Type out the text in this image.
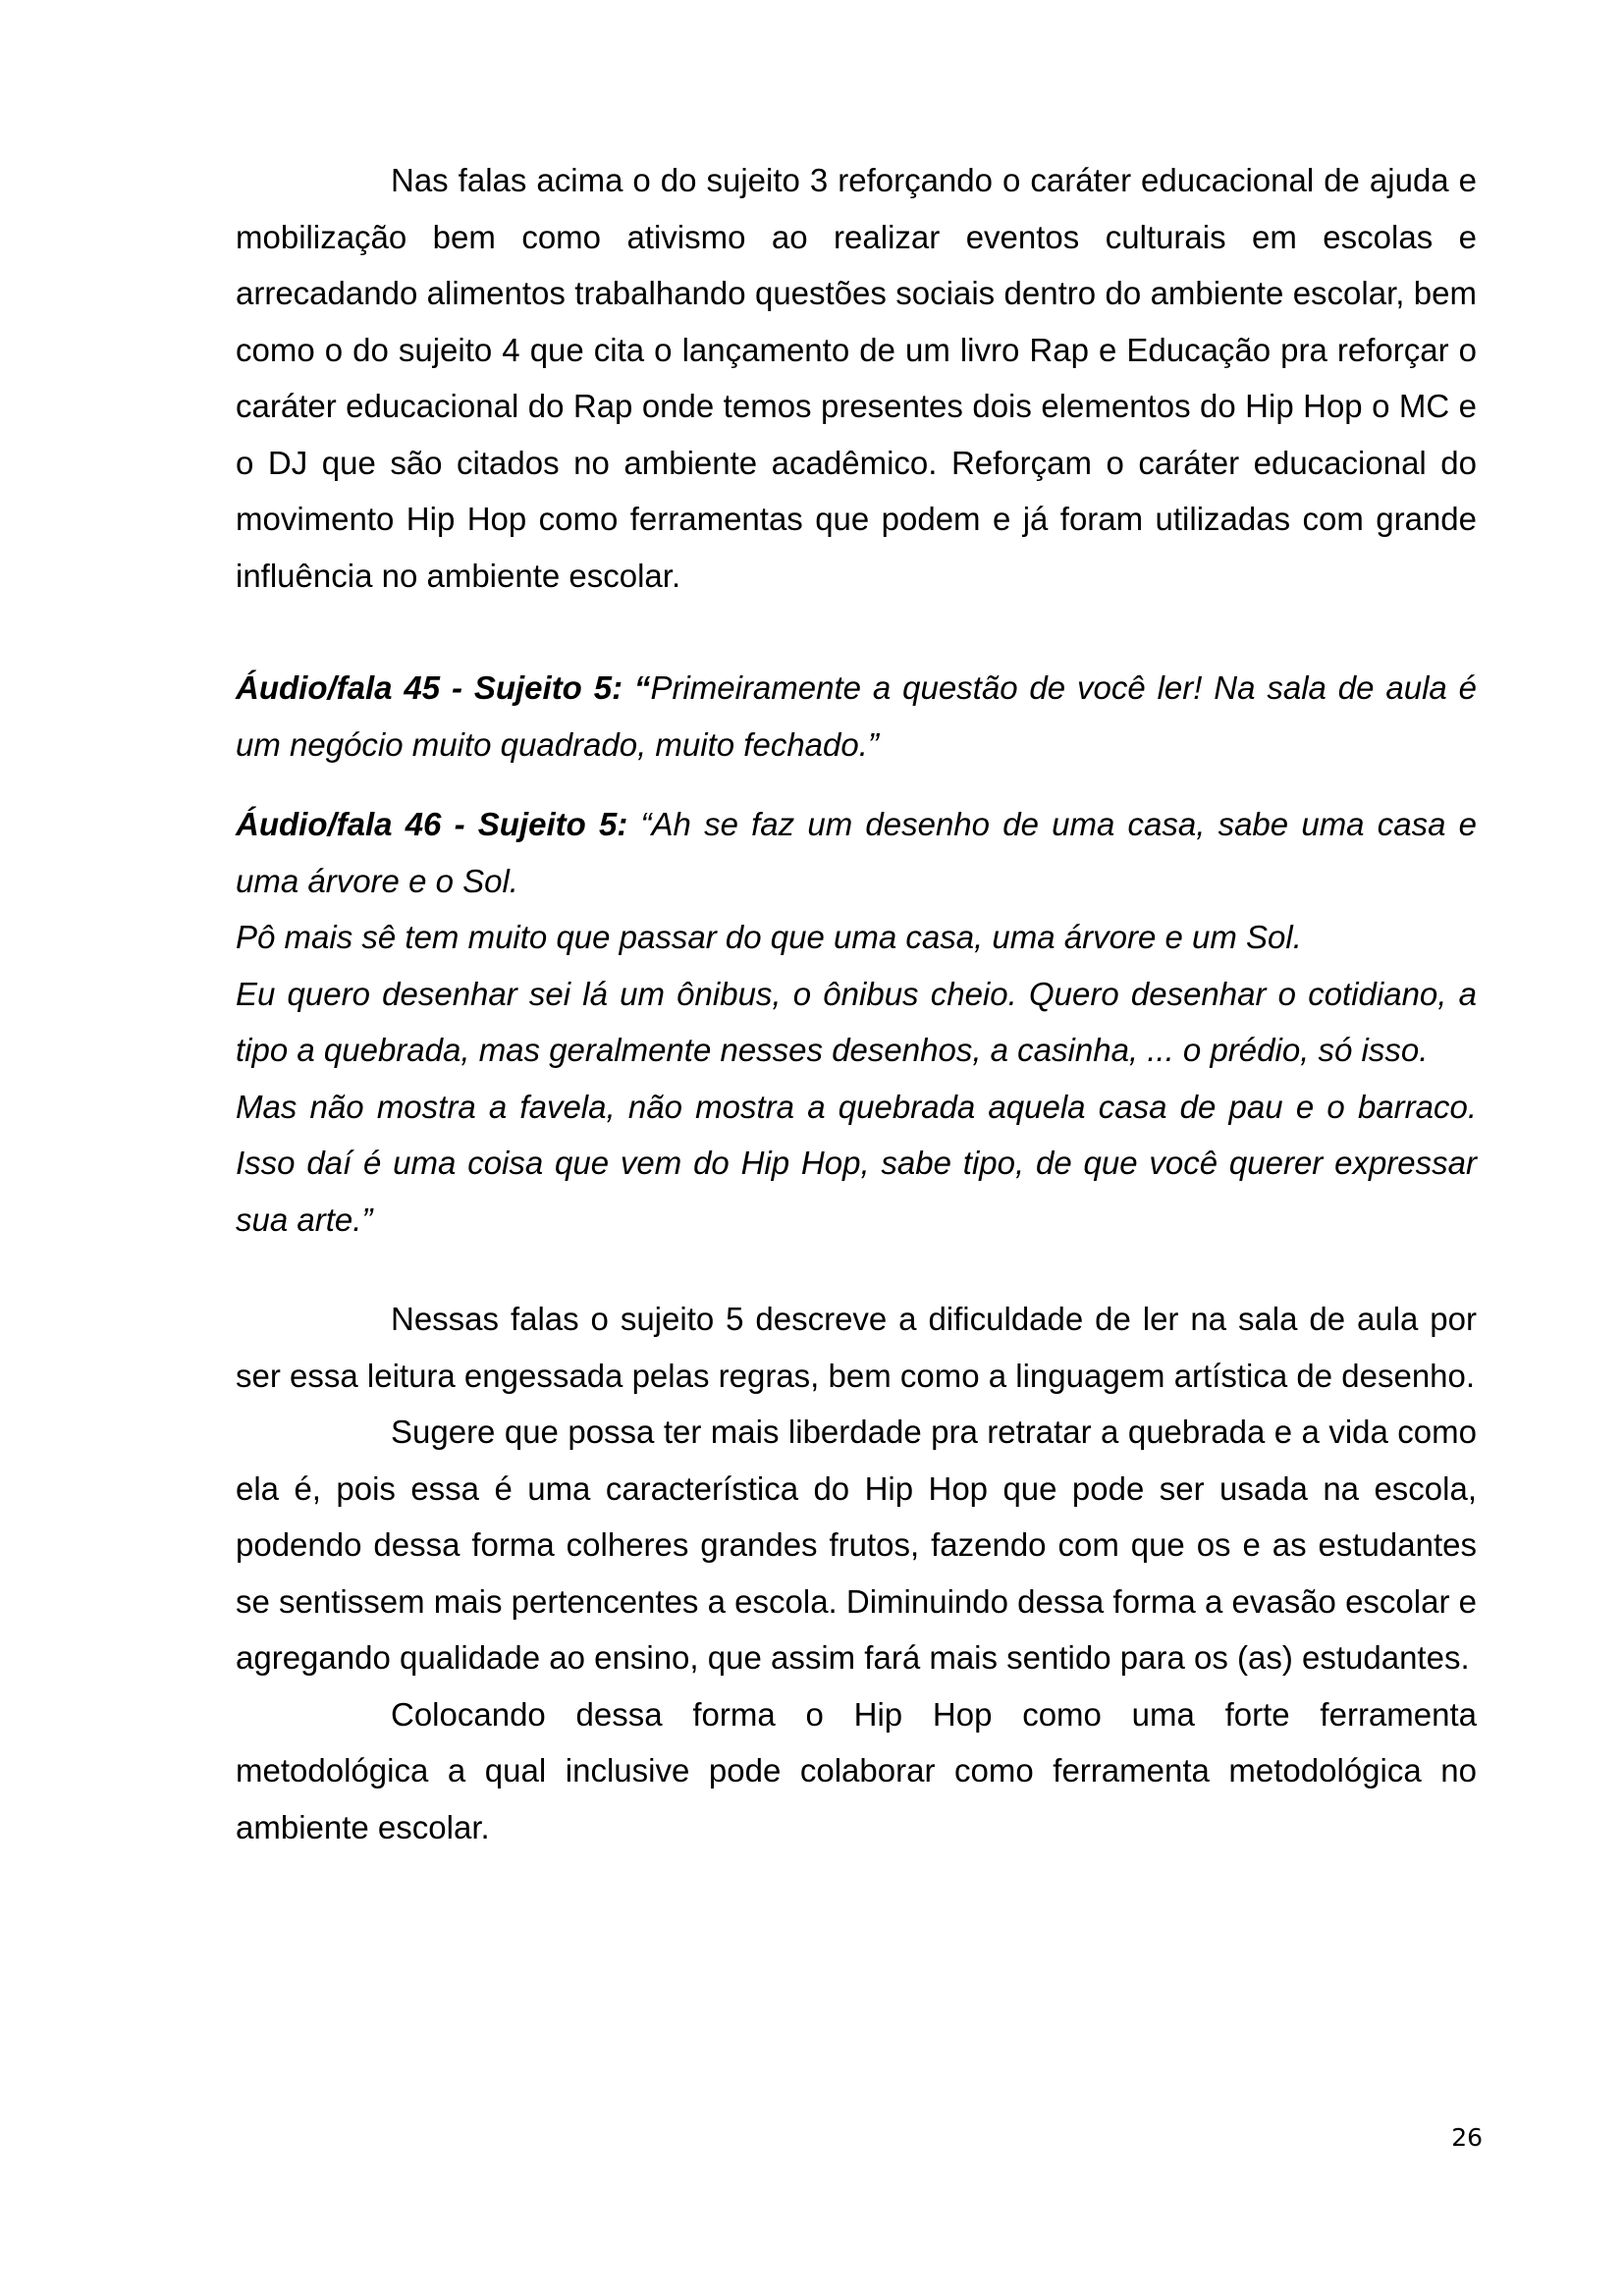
Nas falas acima o do sujeito 3 reforçando o caráter educacional de ajuda e mobilização bem como ativismo ao realizar eventos culturais em escolas e arrecadando alimentos trabalhando questões sociais dentro do ambiente escolar, bem como o do sujeito 4 que cita o lançamento de um livro Rap e Educação pra reforçar o caráter educacional do Rap onde temos presentes dois elementos do Hip Hop o MC e o DJ que são citados no ambiente acadêmico. Reforçam o caráter educacional do movimento Hip Hop como ferramentas que podem e já foram utilizadas com grande influência no ambiente escolar.

Áudio/fala 45 - Sujeito 5: “Primeiramente a questão de você ler! Na sala de aula é um negócio muito quadrado, muito fechado.”

Áudio/fala 46 - Sujeito 5: “Ah se faz um desenho de uma casa, sabe uma casa e uma árvore e o Sol.
Pô mais sê tem muito que passar do que uma casa, uma árvore e um Sol.
Eu quero desenhar sei lá um ônibus, o ônibus cheio. Quero desenhar o cotidiano, a tipo a quebrada, mas geralmente nesses desenhos, a casinha, ... o prédio, só isso.
Mas não mostra a favela, não mostra a quebrada aquela casa de pau e o barraco. Isso daí é uma coisa que vem do Hip Hop, sabe tipo, de que você querer expressar sua arte.”

Nessas falas o sujeito 5 descreve a dificuldade de ler na sala de aula por ser essa leitura engessada pelas regras, bem como a linguagem artística de desenho.

Sugere que possa ter mais liberdade pra retratar a quebrada e a vida como ela é, pois essa é uma característica do Hip Hop que pode ser usada na escola, podendo dessa forma colheres grandes frutos, fazendo com que os e as estudantes se sentissem mais pertencentes a escola. Diminuindo dessa forma a evasão escolar e agregando qualidade ao ensino, que assim fará mais sentido para os (as) estudantes.

Colocando dessa forma o Hip Hop como uma forte ferramenta metodológica a qual inclusive pode colaborar como ferramenta metodológica no ambiente escolar.

26
